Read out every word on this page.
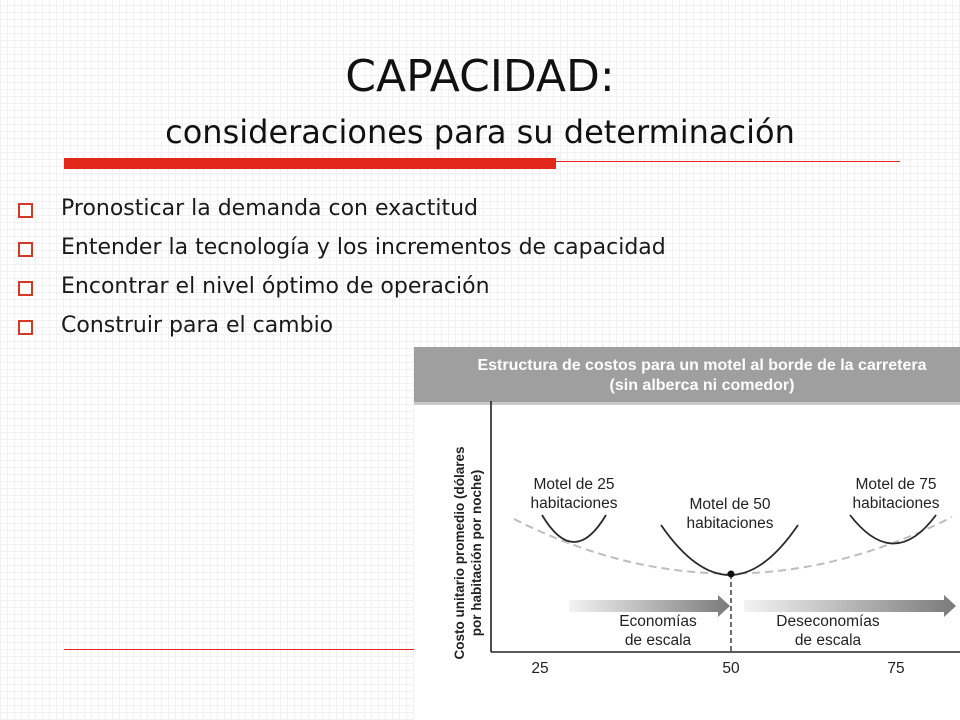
CAPACIDAD:
consideraciones para su determinación
Pronosticar la demanda con exactitud
Entender la tecnología y los incrementos de capacidad
Encontrar el nivel óptimo de operación
Construir para el cambio
Estructura de costos para un motel al borde de la carretera
(sin alberca ni comedor)
Costo unitario promedio (dólares por habitación por noche)	Motel de 25
habitaciones	Motel de 50
habitaciones
Motel de 75
habitaciones
Economías
de escala
Deseconomías
de escala
25	50	75
